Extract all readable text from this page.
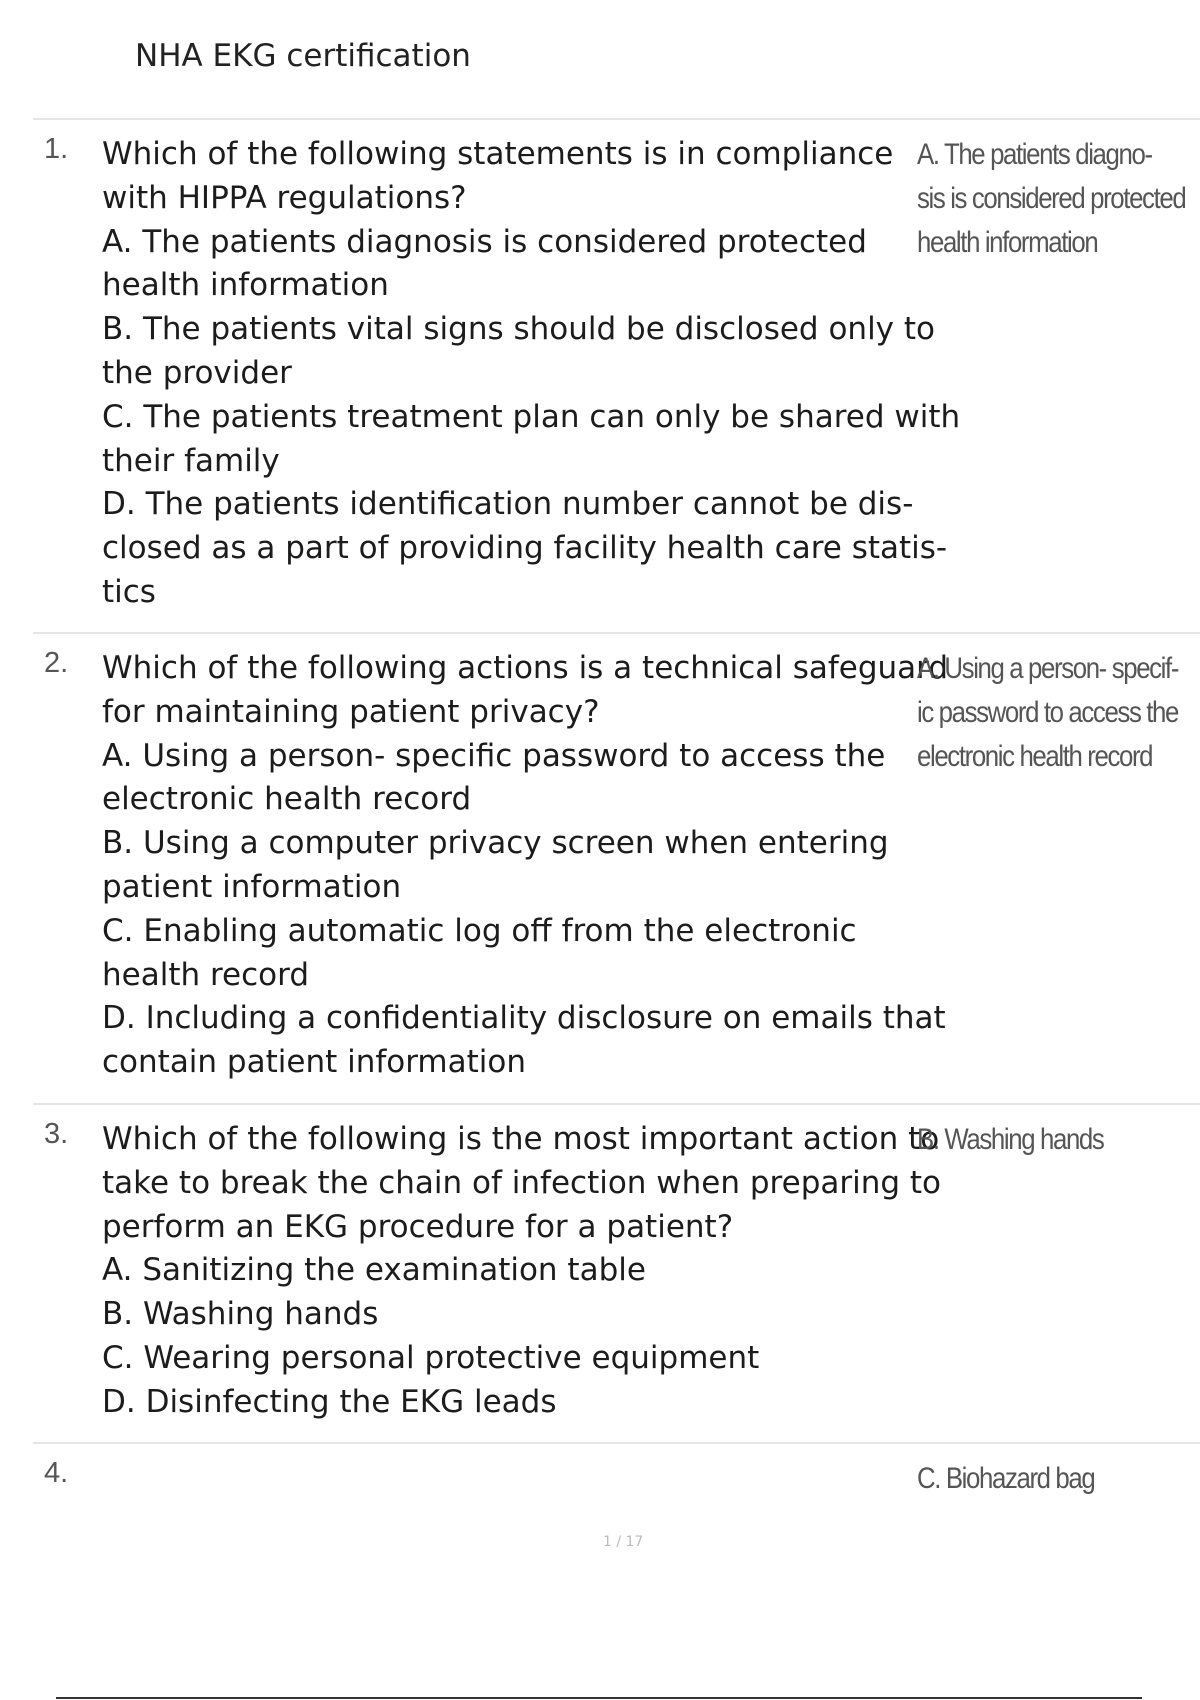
NHA EKG certification
1. Which of the following statements is in compliance
with HIPPA regulations?
A. The patients diagnosis is considered protected
health information
B. The patients vital signs should be disclosed only to
the provider
C. The patients treatment plan can only be shared with
their family
D. The patients identification number cannot be dis-
closed as a part of providing facility health care statis-
tics
A. The patients diagno-
sis is considered protected
health information
2. Which of the following actions is a technical safeguard
for maintaining patient privacy?
A. Using a person- specific password to access the
electronic health record
B. Using a computer privacy screen when entering
patient information
C. Enabling automatic log off from the electronic
health record
D. Including a confidentiality disclosure on emails that
contain patient information
A. Using a person- specif-
ic password to access the
electronic health record
3. Which of the following is the most important action to
take to break the chain of infection when preparing to
perform an EKG procedure for a patient?
A. Sanitizing the examination table
B. Washing hands
C. Wearing personal protective equipment
D. Disinfecting the EKG leads
B. Washing hands
4.	C. Biohazard bag
1 / 17
